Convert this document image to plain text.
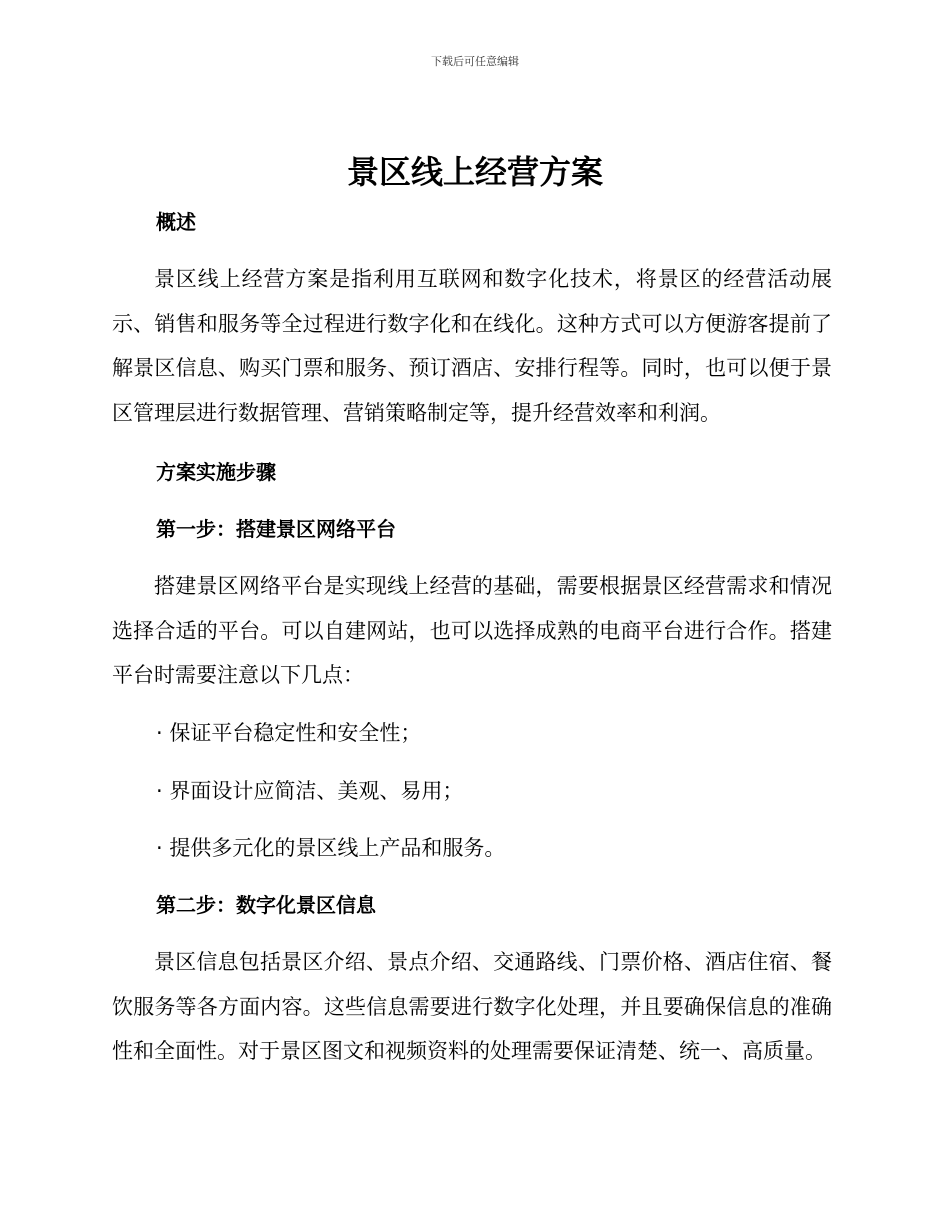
下载后可任意编辑
景区线上经营方案
概述

景区线上经营方案是指利用互联网和数字化技术，将景区的经营活动展示、销售和服务等全过程进行数字化和在线化。这种方式可以方便游客提前了解景区信息、购买门票和服务、预订酒店、安排行程等。同时，也可以便于景区管理层进行数据管理、营销策略制定等，提升经营效率和利润。

方案实施步骤
第一步：搭建景区网络平台

搭建景区网络平台是实现线上经营的基础，需要根据景区经营需求和情况选择合适的平台。可以自建网站，也可以选择成熟的电商平台进行合作。搭建平台时需要注意以下几点：

· 保证平台稳定性和安全性；

· 界面设计应简洁、美观、易用；

· 提供多元化的景区线上产品和服务。

第二步：数字化景区信息

景区信息包括景区介绍、景点介绍、交通路线、门票价格、酒店住宿、餐饮服务等各方面内容。这些信息需要进行数字化处理，并且要确保信息的准确性和全面性。对于景区图文和视频资料的处理需要保证清楚、统一、高质量。
